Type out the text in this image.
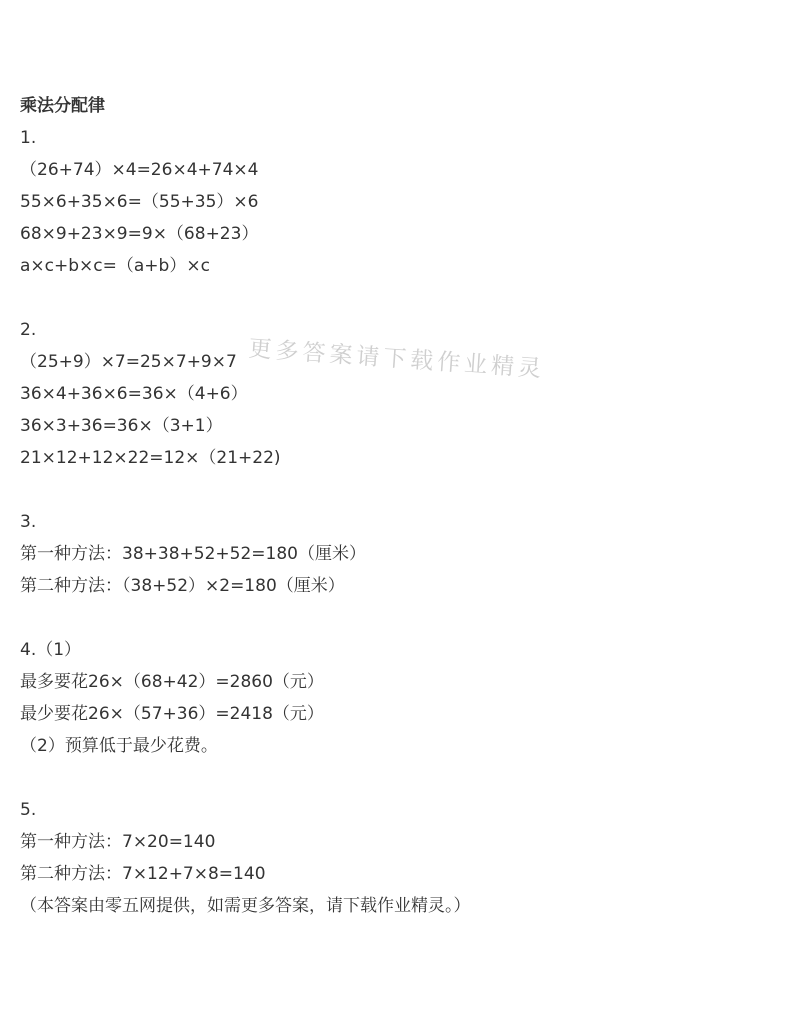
乘法分配律
1.
（26+74）×4=26×4+74×4
55×6+35×6=（55+35）×6
68×9+23×9=9×（68+23）
a×c+b×c=（a+b）×c
2.
（25+9）×7=25×7+9×7
36×4+36×6=36×（4+6）
36×3+36=36×（3+1）
21×12+12×22=12×（21+22)
3.
第一种方法：38+38+52+52=180（厘米）
第二种方法：（38+52）×2=180（厘米）
4.（1）
最多要花26×（68+42）=2860（元）
最少要花26×（57+36）=2418（元）
（2）预算低于最少花费。
5.
第一种方法：7×20=140
第二种方法：7×12+7×8=140
（本答案由零五网提供，如需更多答案，请下载作业精灵。）
更多答案请下载作业精灵
